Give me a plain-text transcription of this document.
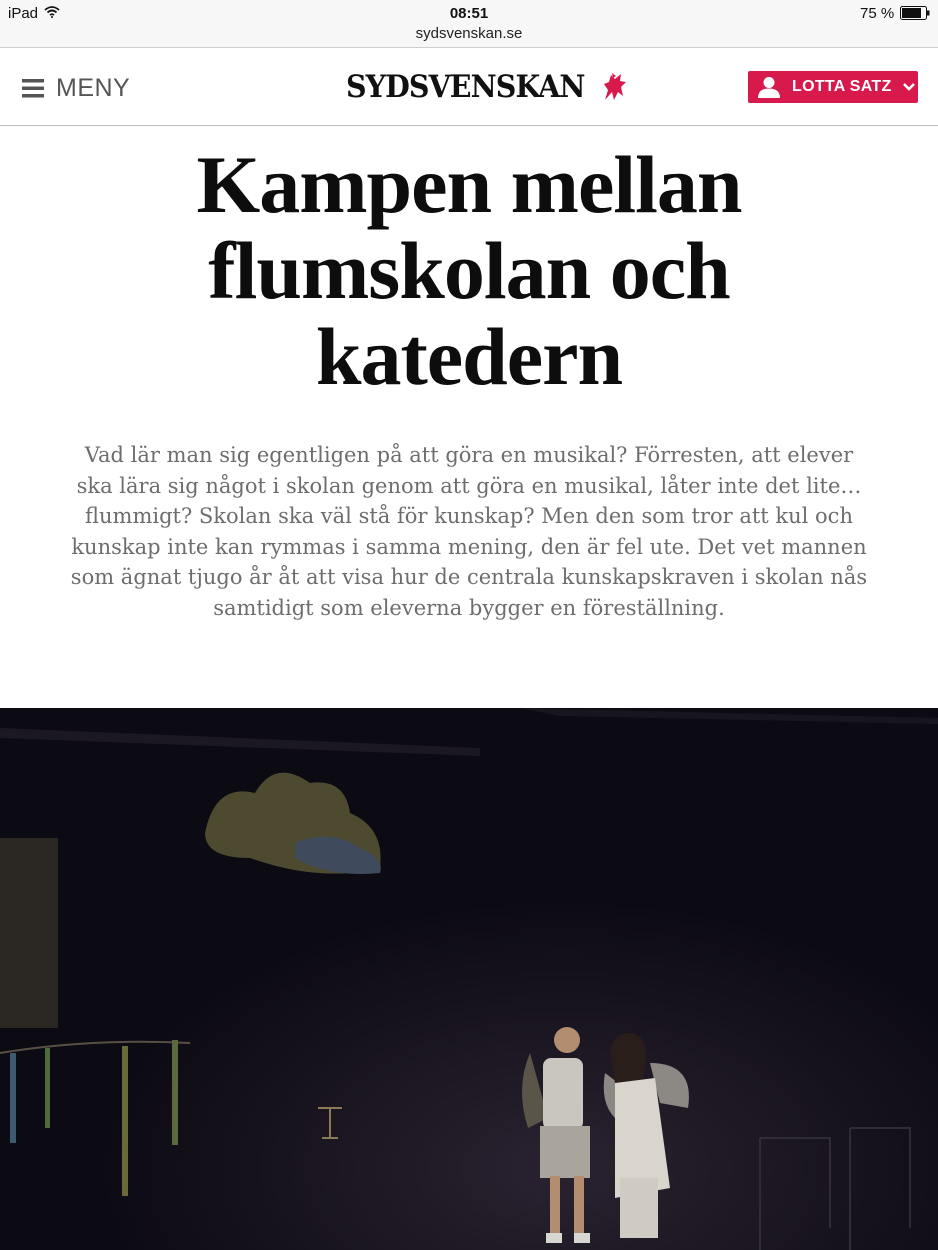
iPad	08:51
sydsvenskan.se
75 %
MENY	SYDSVENSKAN	LOTTA SATZ
Kampen mellan flumskolan och katedern

Vad lär man sig egentligen på att göra en musikal? Förresten, att elever ska lära sig något i skolan genom att göra en musikal, låter inte det lite… flummigt? Skolan ska väl stå för kunskap? Men den som tror att kul och kunskap inte kan rymmas i samma mening, den är fel ute. Det vet mannen som ägnat tjugo år åt att visa hur de centrala kunskapskraven i skolan nås samtidigt som eleverna bygger en föreställning.
